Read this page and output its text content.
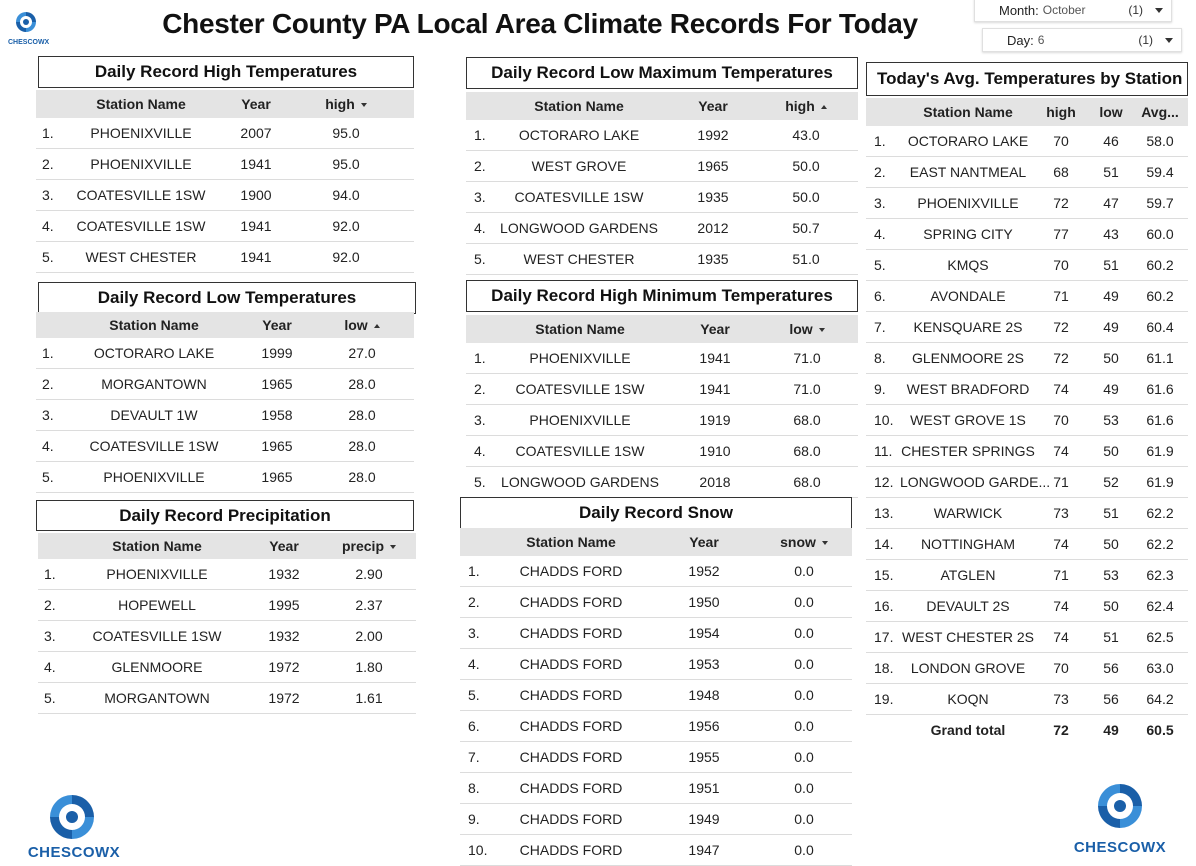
CHESCOWX
Chester County PA Local Area Climate Records For Today	Month: October	(1)
Day: 6	(1)
Daily Record High Temperatures
Station Name	Year	high
1.	PHOENIXVILLE	2007	95.0
2.	PHOENIXVILLE	1941	95.0
3.	COATESVILLE 1SW	1900	94.0
4.	COATESVILLE 1SW	1941	92.0
5.	WEST CHESTER	1941	92.0
Daily Record Low Temperatures
Station Name	Year	low
1.	OCTORARO LAKE	1999	27.0
2.	MORGANTOWN	1965	28.0
3.	DEVAULT 1W	1958	28.0
4.	COATESVILLE 1SW	1965	28.0
5.	PHOENIXVILLE	1965	28.0
Daily Record Precipitation
Station Name	Year	precip
1.	PHOENIXVILLE	1932	2.90
2.	HOPEWELL	1995	2.37
3.	COATESVILLE 1SW	1932	2.00
4.	GLENMOORE	1972	1.80
5.	MORGANTOWN	1972	1.61
Daily Record Low Maximum Temperatures
Station Name	Year	high
1.	OCTORARO LAKE	1992	43.0
2.	WEST GROVE	1965	50.0
3.	COATESVILLE 1SW	1935	50.0
4.	LONGWOOD GARDENS	2012	50.7
5.	WEST CHESTER	1935	51.0
Daily Record High Minimum Temperatures
Station Name	Year	low
1.	PHOENIXVILLE	1941	71.0
2.	COATESVILLE 1SW	1941	71.0
3.	PHOENIXVILLE	1919	68.0
4.	COATESVILLE 1SW	1910	68.0
5.	LONGWOOD GARDENS	2018	68.0
Daily Record Snow
Station Name	Year	snow
1.	CHADDS FORD	1952	0.0
2.	CHADDS FORD	1950	0.0
3.	CHADDS FORD	1954	0.0
4.	CHADDS FORD	1953	0.0
5.	CHADDS FORD	1948	0.0
6.	CHADDS FORD	1956	0.0
7.	CHADDS FORD	1955	0.0
8.	CHADDS FORD	1951	0.0
9.	CHADDS FORD	1949	0.0
10.	CHADDS FORD	1947	0.0
Today's Avg. Temperatures by Station
Station Name	high	low	Avg...
1.	OCTORARO LAKE	70	46	58.0
2.	EAST NANTMEAL	68	51	59.4
3.	PHOENIXVILLE	72	47	59.7
4.	SPRING CITY	77	43	60.0
5.	KMQS	70	51	60.2
6.	AVONDALE	71	49	60.2
7.	KENSQUARE 2S	72	49	60.4
8.	GLENMOORE 2S	72	50	61.1
9.	WEST BRADFORD	74	49	61.6
10.	WEST GROVE 1S	70	53	61.6
11. CHESTER SPRINGS	74	50	61.9
12. LONGWOOD GARDE... 71	52	61.9
13.	WARWICK	73	51	62.2
14.	NOTTINGHAM	74	50	62.2
15.	ATGLEN	71	53	62.3
16.	DEVAULT 2S	74	50	62.4
17. WEST CHESTER 2S	74	51	62.5
18.	LONDON GROVE	70	56	63.0
19.	KOQN	73	56	64.2
Grand total	72	49	60.5
CHESCOWX	CHESCOWX
